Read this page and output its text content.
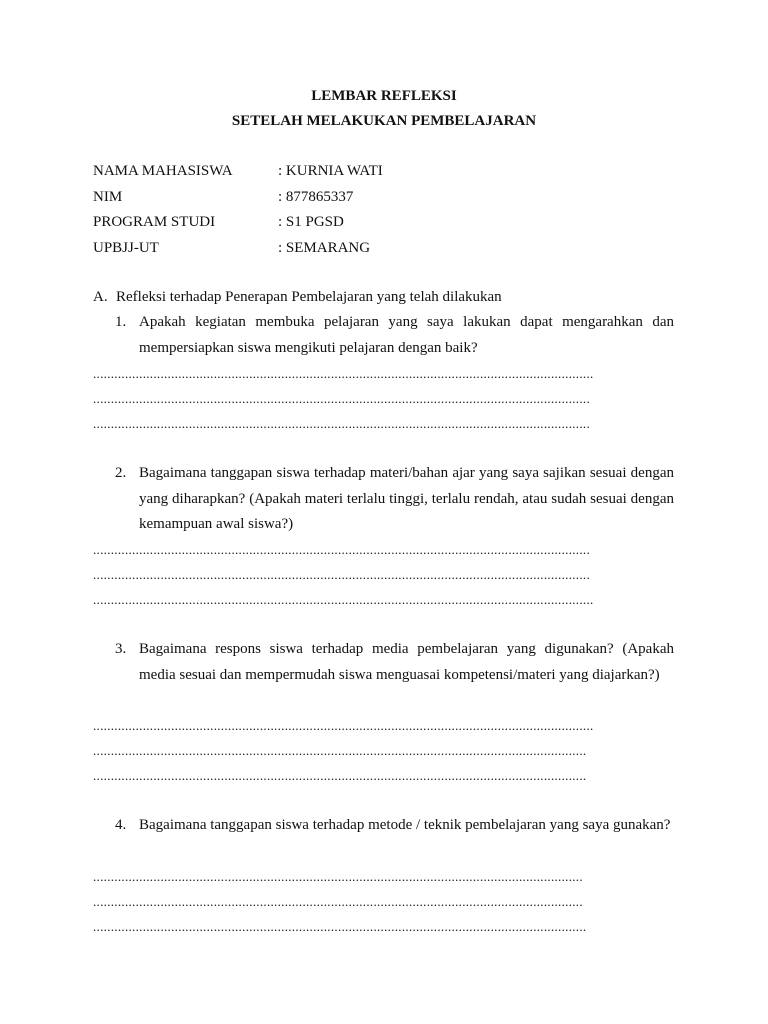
LEMBAR REFLEKSI
SETELAH MELAKUKAN PEMBELAJARAN
NAMA MAHASISWA	: KURNIA WATI
NIM	: 877865337
PROGRAM STUDI	: S1 PGSD
UPBJJ-UT	: SEMARANG
A. Refleksi terhadap Penerapan Pembelajaran yang telah dilakukan
1. Apakah kegiatan membuka pelajaran yang saya lakukan dapat mengarahkan dan mempersiapkan siswa mengikuti pelajaran dengan baik?
.............................................................................................................................................
............................................................................................................................................
............................................................................................................................................
2. Bagaimana tanggapan siswa terhadap materi/bahan ajar yang saya sajikan sesuai dengan yang diharapkan? (Apakah materi terlalu tinggi, terlalu rendah, atau sudah sesuai dengan kemampuan awal siswa?)
............................................................................................................................................
............................................................................................................................................
.............................................................................................................................................
3. Bagaimana respons siswa terhadap media pembelajaran yang digunakan? (Apakah media sesuai dan mempermudah siswa menguasai kompetensi/materi yang diajarkan?)
.............................................................................................................................................
...........................................................................................................................................
...........................................................................................................................................
4. Bagaimana tanggapan siswa terhadap metode / teknik pembelajaran yang saya gunakan?
..........................................................................................................................................
..........................................................................................................................................
...........................................................................................................................................
